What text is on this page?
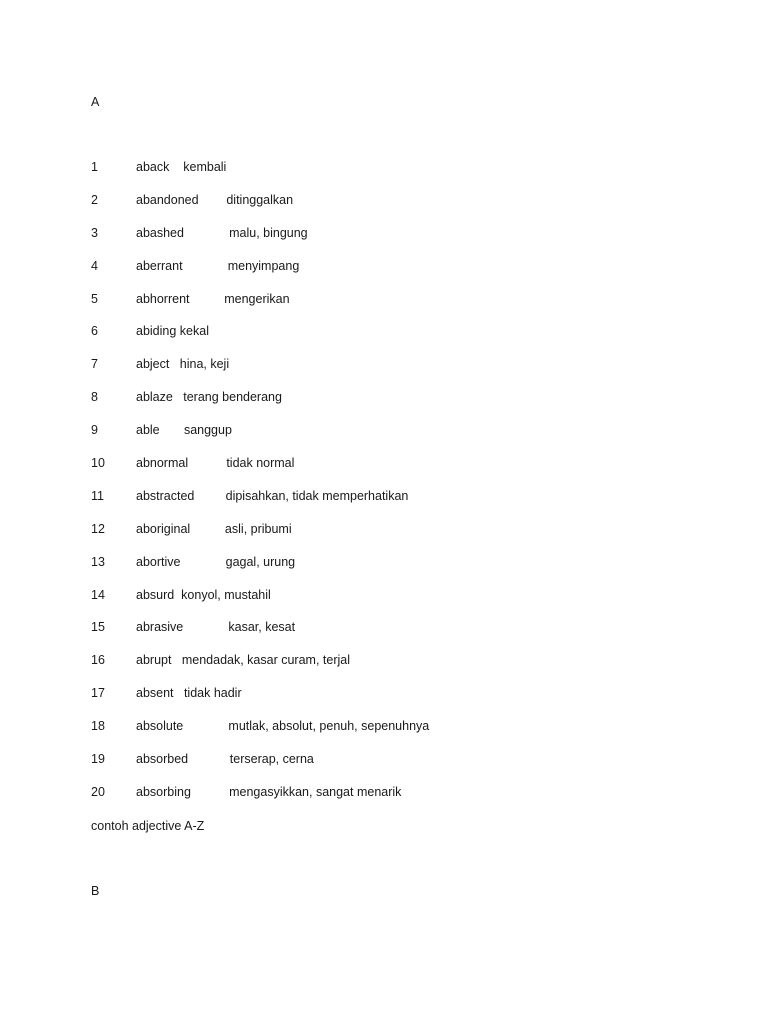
A
1	aback    kembali
2	abandoned        ditinggalkan
3	abashed             malu, bingung
4	aberrant             menyimpang
5	abhorrent          mengerikan
6	abiding kekal
7	abject   hina, keji
8	ablaze   terang benderang
9	able       sanggup
10 abnormal           tidak normal
11	abstracted         dipisahkan, tidak memperhatikan
12 aboriginal          asli, pribumi
13 abortive             gagal, urung
14 absurd  konyol, mustahil
15 abrasive             kasar, kesat
16 abrupt   mendadak, kasar curam, terjal
17 absent   tidak hadir
18 absolute             mutlak, absolut, penuh, sepenuhnya
19 absorbed            terserap, cerna
20 absorbing           mengasyikkan, sangat menarik
contoh adjective A-Z
B
